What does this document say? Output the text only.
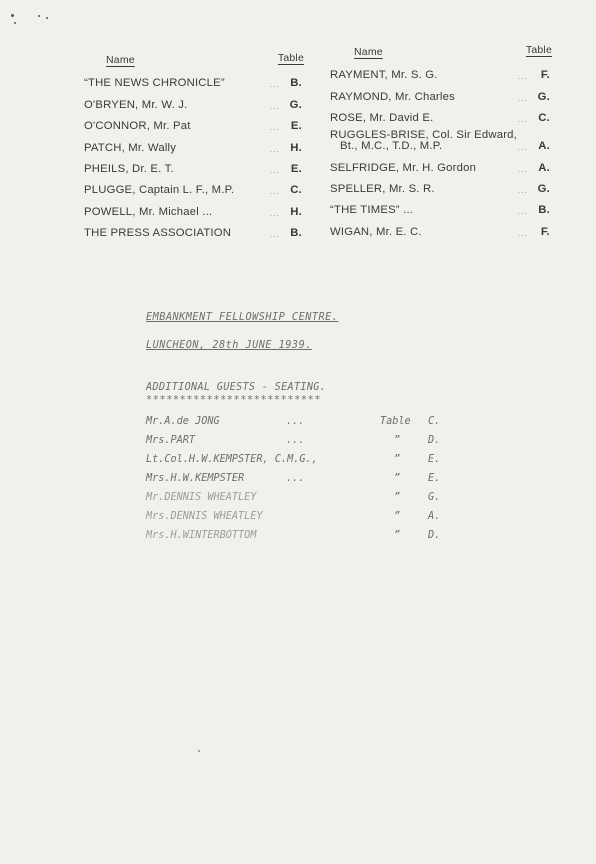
Name	Table
“THE NEWS CHRONICLE”	... B.
O'BRYEN, Mr. W. J.	... G.
O'CONNOR, Mr. Pat	... E.
PATCH, Mr. Wally	... H.
PHEILS, Dr. E. T.	... E.
PLUGGE, Captain L. F., M.P.	... C.
POWELL, Mr. Michael ...	... H.
THE PRESS ASSOCIATION	... B.
Name	Table
RAYMENT, Mr. S. G.	... F.
RAYMOND, Mr. Charles	... G.
ROSE, Mr. David E.	... C.
RUGGLES-BRISE, Col. Sir Edward,
Bt., M.C., T.D., M.P.	... A.
SELFRIDGE, Mr. H. Gordon	... A.
SPELLER, Mr. S. R.	... G.
“THE TIMES” ...	... B.
WIGAN, Mr. E. C.	... F.
EMBANKMENT FELLOWSHIP CENTRE.
LUNCHEON, 28th JUNE 1939.
ADDITIONAL GUESTS - SEATING.
**************************
Mr.A.de JONG	...	Table C.
Mrs.PART	...	”	D.
Lt.Col.H.W.KEMPSTER, C.M.G.,	”	E.
Mrs.H.W.KEMPSTER	...	”	E.
Mr.DENNIS WHEATLEY	”	G.
Mrs.DENNIS WHEATLEY	”	A.
Mrs.H.WINTERBOTTOM	”	D.
